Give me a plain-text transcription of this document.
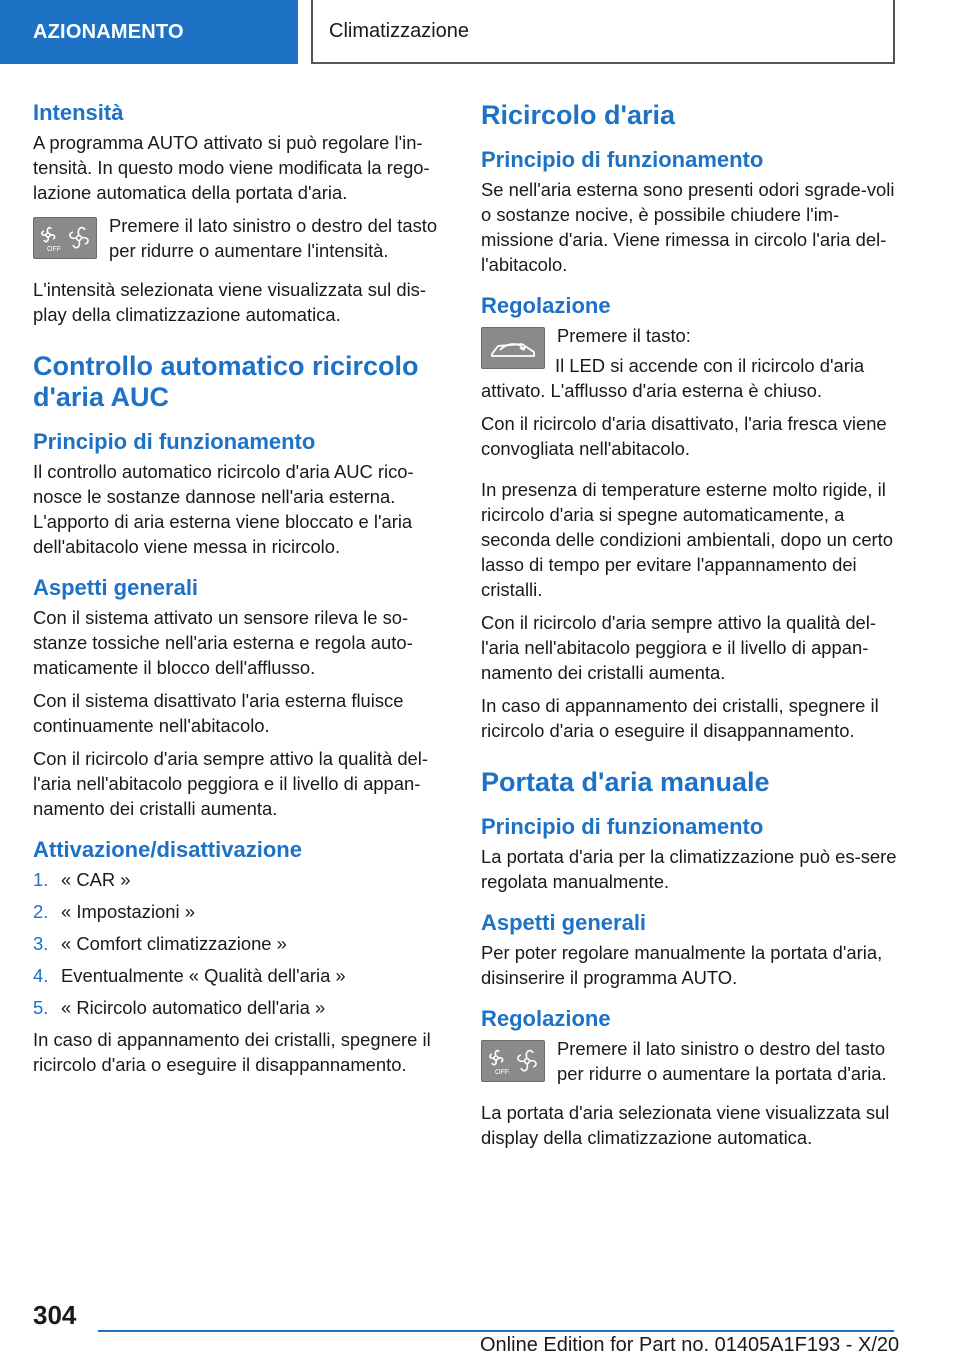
AZIONAMENTO	Climatizzazione
Intensità

A programma AUTO attivato si può regolare l'in-tensità. In questo modo viene modificata la rego-lazione automatica della portata d'aria.

OFF
Premere il lato sinistro o destro del tasto per ridurre o aumentare l'intensità.

L'intensità selezionata viene visualizzata sul dis-play della climatizzazione automatica.

Controllo automatico ricircolo d'aria AUC
Principio di funzionamento

Il controllo automatico ricircolo d'aria AUC rico-nosce le sostanze dannose nell'aria esterna. L'apporto di aria esterna viene bloccato e l'aria dell'abitacolo viene messa in ricircolo.

Aspetti generali

Con il sistema attivato un sensore rileva le so-stanze tossiche nell'aria esterna e regola auto-maticamente il blocco dell'afflusso.

Con il sistema disattivato l'aria esterna fluisce continuamente nell'abitacolo.

Con il ricircolo d'aria sempre attivo la qualità del-l'aria nell'abitacolo peggiora e il livello di appan-namento dei cristalli aumenta.

Attivazione/disattivazione
1. « CAR »
2. « Impostazioni »
3. « Comfort climatizzazione »
4. Eventualmente « Qualità dell'aria »
5. « Ricircolo automatico dell'aria »

In caso di appannamento dei cristalli, spegnere il ricircolo d'aria o eseguire il disappannamento.

Ricircolo d'aria
Principio di funzionamento

Se nell'aria esterna sono presenti odori sgrade-voli o sostanze nocive, è possibile chiudere l'im-missione d'aria. Viene rimessa in circolo l'aria del-l'abitacolo.

Regolazione
Premere il tasto:

Il LED si accende con il ricircolo d'aria attivato. L'afflusso d'aria esterna è chiuso.

Con il ricircolo d'aria disattivato, l'aria fresca viene convogliata nell'abitacolo.

In presenza di temperature esterne molto rigide, il ricircolo d'aria si spegne automaticamente, a seconda delle condizioni ambientali, dopo un certo lasso di tempo per evitare l'appannamento dei cristalli.

Con il ricircolo d'aria sempre attivo la qualità del-l'aria nell'abitacolo peggiora e il livello di appan-namento dei cristalli aumenta.

In caso di appannamento dei cristalli, spegnere il ricircolo d'aria o eseguire il disappannamento.

Portata d'aria manuale
Principio di funzionamento

La portata d'aria per la climatizzazione può es-sere regolata manualmente.

Aspetti generali

Per poter regolare manualmente la portata d'aria, disinserire il programma AUTO.

Regolazione
OFF
Premere il lato sinistro o destro del tasto per ridurre o aumentare la portata d'aria.

La portata d'aria selezionata viene visualizzata sul display della climatizzazione automatica.

304
Online Edition for Part no. 01405A1F193 - X/20
